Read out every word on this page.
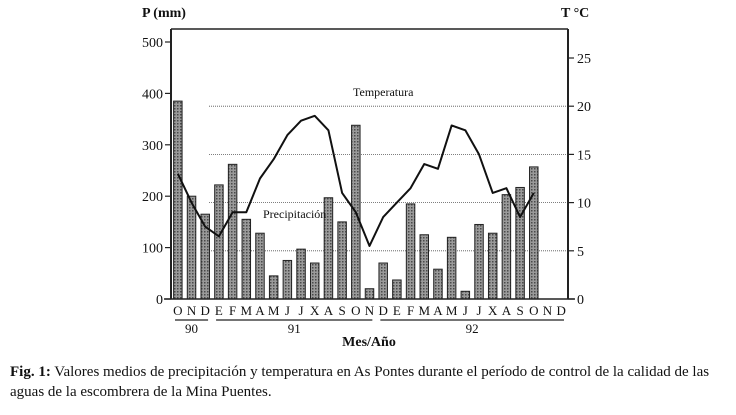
0
100
200
300
400
500
0
5
10
15
20
25
O N D E F M A M J J X A S O N D E F M A M J J X A S O N D
90	91	92
P (mm)	T °C
Mes/Año
Temperatura
Precipitación
Fig. 1: Valores medios de precipitación y temperatura en As Pontes durante el período de control de la calidad de las aguas de la escombrera de la Mina Puentes.
